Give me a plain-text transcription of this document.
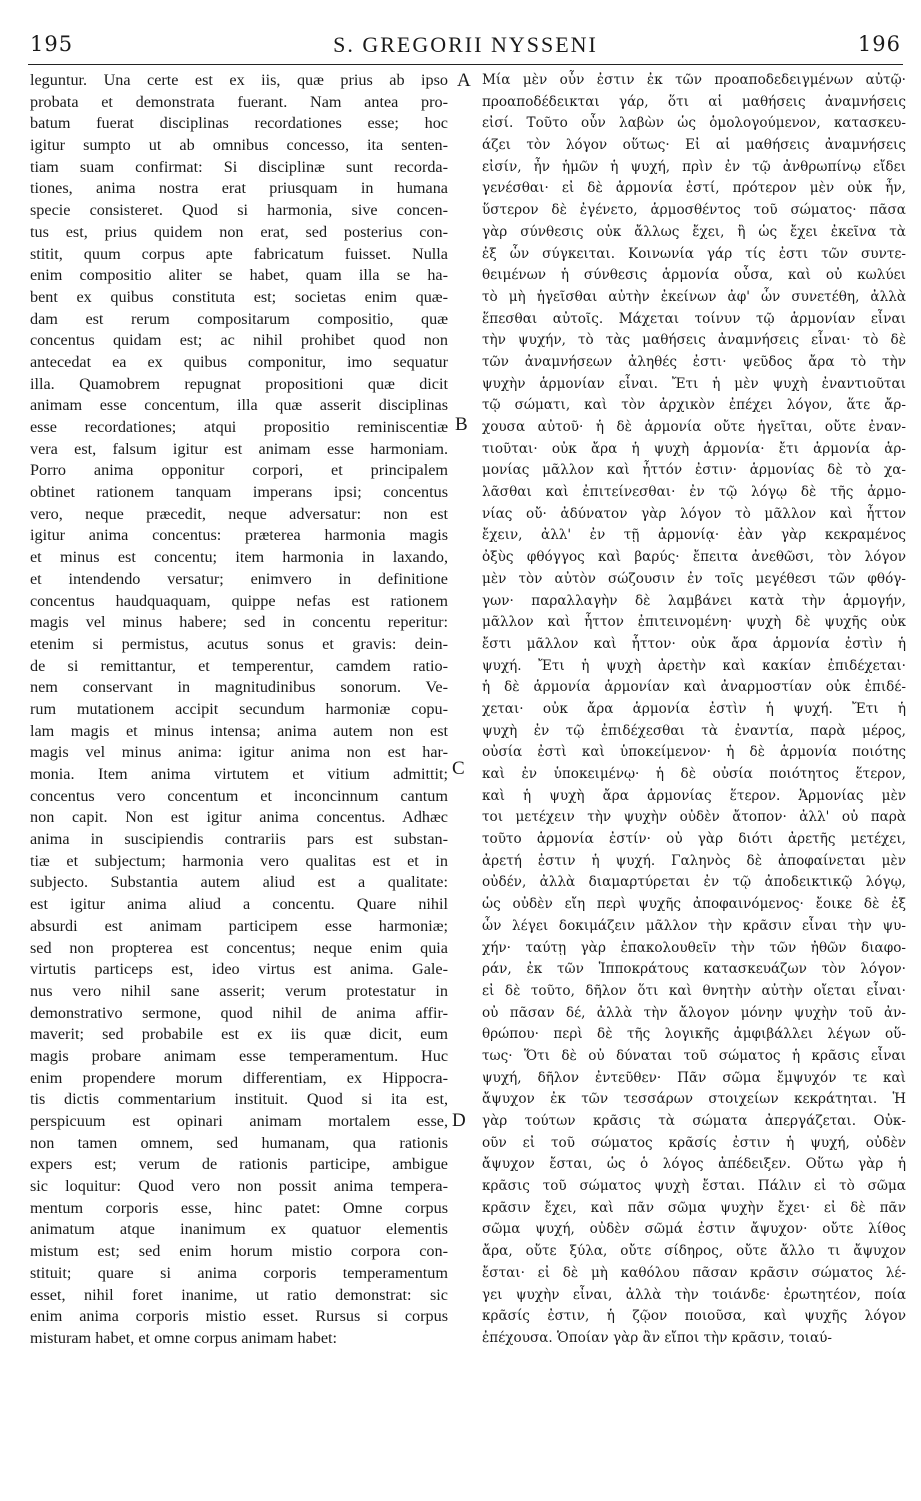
195	S. GREGORII NYSSENI	196
leguntur. Una certe est ex iis, quæ prius ab ipso
probata et demonstrata fuerant. Nam antea pro-
batum fuerat disciplinas recordationes esse; hoc
igitur sumpto ut ab omnibus concesso, ita senten-
tiam suam confirmat: Si disciplinæ sunt recorda-
tiones, anima nostra erat priusquam in humana
specie consisteret. Quod si harmonia, sive concen-
tus est, prius quidem non erat, sed posterius con-
stitit, quum corpus apte fabricatum fuisset. Nulla
enim compositio aliter se habet, quam illa se ha-
bent ex quibus constituta est; societas enim quæ-
dam est rerum compositarum compositio, quæ
concentus quidam est; ac nihil prohibet quod non
antecedat ea ex quibus componitur, imo sequatur
illa. Quamobrem repugnat propositioni quæ dicit
animam esse concentum, illa quæ asserit disciplinas
esse recordationes; atqui propositio reminiscentiæ
vera est, falsum igitur est animam esse harmoniam.
Porro anima opponitur corpori, et principalem
obtinet rationem tanquam imperans ipsi; concentus
vero, neque præcedit, neque adversatur: non est
igitur anima concentus: præterea harmonia magis
et minus est concentu; item harmonia in laxando,
et intendendo versatur; enimvero in definitione
concentus haudquaquam, quippe nefas est rationem
magis vel minus habere; sed in concentu reperitur:
etenim si permistus, acutus sonus et gravis: dein-
de si remittantur, et temperentur, camdem ratio-
nem conservant in magnitudinibus sonorum. Ve-
rum mutationem accipit secundum harmoniæ copu-
lam magis et minus intensa; anima autem non est
magis vel minus anima: igitur anima non est har-
monia. Item anima virtutem et vitium admittit;
concentus vero concentum et inconcinnum cantum
non capit. Non est igitur anima concentus. Adhæc
anima in suscipiendis contrariis pars est substan-
tiæ et subjectum; harmonia vero qualitas est et in
subjecto. Substantia autem aliud est a qualitate:
est igitur anima aliud a concentu. Quare nihil
absurdi est animam participem esse harmoniæ;
sed non propterea est concentus; neque enim quia
virtutis particeps est, ideo virtus est anima. Gale-
nus vero nihil sane asserit; verum protestatur in
demonstrativo sermone, quod nihil de anima affir-
maverit; sed probabile est ex iis quæ dicit, eum
magis probare animam esse temperamentum. Huc
enim propendere morum differentiam, ex Hippocra-
tis dictis commentarium instituit. Quod si ita est,
perspicuum est opinari animam mortalem esse,
non tamen omnem, sed humanam, qua rationis
expers est; verum de rationis participe, ambigue
sic loquitur: Quod vero non possit anima tempera-
mentum corporis esse, hinc patet: Omne corpus
animatum atque inanimum ex quatuor elementis
mistum est; sed enim horum mistio corpora con-
stituit; quare si anima corporis temperamentum
esset, nihil foret inanime, ut ratio demonstrat: sic
enim anima corporis mistio esset. Rursus si corpus
misturam habet, et omne corpus animam habet:
Μία μὲν οὖν ἐστιν ἐκ τῶν προαποδεδειγμένων αὐτῷ·
προαποδέδεικται γάρ, ὅτι αἱ μαθήσεις ἀναμνήσεις
εἰσί. Τοῦτο οὖν λαβὼν ὡς ὁμολογούμενον, κατασκευ-
άζει τὸν λόγον οὕτως· Εἰ αἱ μαθήσεις ἀναμνήσεις
εἰσίν, ἦν ἡμῶν ἡ ψυχή, πρὶν ἐν τῷ ἀνθρωπίνῳ εἴδει
γενέσθαι· εἰ δὲ ἁρμονία ἐστί, πρότερον μὲν οὐκ ἦν,
ὕστερον δὲ ἐγένετο, ἁρμοσθέντος τοῦ σώματος· πᾶσα
γὰρ σύνθεσις οὐκ ἄλλως ἔχει, ἢ ὡς ἔχει ἐκεῖνα τὰ
ἐξ ὧν σύγκειται. Κοινωνία γάρ τίς ἐστι τῶν συντε-
θειμένων ἡ σύνθεσις ἁρμονία οὖσα, καὶ οὐ κωλύει
τὸ μὴ ἡγεῖσθαι αὐτὴν ἐκείνων ἀφ' ὧν συνετέθη, ἀλλὰ
ἕπεσθαι αὐτοῖς. Μάχεται τοίνυν τῷ ἁρμονίαν εἶναι
τὴν ψυχήν, τὸ τὰς μαθήσεις ἀναμνήσεις εἶναι· τὸ δὲ
τῶν ἀναμνήσεων ἀληθές ἐστι· ψεῦδος ἄρα τὸ τὴν
ψυχὴν ἁρμονίαν εἶναι. Ἔτι ἡ μὲν ψυχὴ ἐναντιοῦται
τῷ σώματι, καὶ τὸν ἀρχικὸν ἐπέχει λόγον, ἅτε ἄρ-
χουσα αὐτοῦ· ἡ δὲ ἁρμονία οὔτε ἡγεῖται, οὔτε ἐναν-
τιοῦται· οὐκ ἄρα ἡ ψυχὴ ἁρμονία· ἔτι ἁρμονία ἁρ-
μονίας μᾶλλον καὶ ἧττόν ἐστιν· ἁρμονίας δὲ τὸ χα-
λᾶσθαι καὶ ἐπιτείνεσθαι· ἐν τῷ λόγῳ δὲ τῆς ἁρμο-
νίας οὔ· ἀδύνατον γὰρ λόγον τὸ μᾶλλον καὶ ἧττον
ἔχειν, ἀλλ' ἐν τῇ ἁρμονίᾳ· ἐὰν γὰρ κεκραμένος
ὀξὺς φθόγγος καὶ βαρύς· ἔπειτα ἀνεθῶσι, τὸν λόγον
μὲν τὸν αὐτὸν σώζουσιν ἐν τοῖς μεγέθεσι τῶν φθόγ-
γων· παραλλαγὴν δὲ λαμβάνει κατὰ τὴν ἁρμογήν,
μᾶλλον καὶ ἧττον ἐπιτεινομένη· ψυχὴ δὲ ψυχῆς οὐκ
ἔστι μᾶλλον καὶ ἧττον· οὐκ ἄρα ἁρμονία ἐστὶν ἡ
ψυχή. Ἔτι ἡ ψυχὴ ἀρετὴν καὶ κακίαν ἐπιδέχεται·
ἡ δὲ ἁρμονία ἁρμονίαν καὶ ἀναρμοστίαν οὐκ ἐπιδέ-
χεται· οὐκ ἄρα ἁρμονία ἐστὶν ἡ ψυχή. Ἔτι ἡ
ψυχὴ ἐν τῷ ἐπιδέχεσθαι τὰ ἐναντία, παρὰ μέρος,
οὐσία ἐστὶ καὶ ὑποκείμενον· ἡ δὲ ἁρμονία ποιότης
καὶ ἐν ὑποκειμένῳ· ἡ δὲ οὐσία ποιότητος ἕτερον,
καὶ ἡ ψυχὴ ἄρα ἁρμονίας ἕτερον. Ἁρμονίας μὲν
τοι μετέχειν τὴν ψυχὴν οὐδὲν ἄτοπον· ἀλλ' οὐ παρὰ
τοῦτο ἁρμονία ἐστίν· οὐ γὰρ διότι ἀρετῆς μετέχει,
ἀρετή ἐστιν ἡ ψυχή. Γαληνὸς δὲ ἀποφαίνεται μὲν
οὐδέν, ἀλλὰ διαμαρτύρεται ἐν τῷ ἀποδεικτικῷ λόγῳ,
ὡς οὐδὲν εἴη περὶ ψυχῆς ἀποφαινόμενος· ἔοικε δὲ ἐξ
ὧν λέγει δοκιμάζειν μᾶλλον τὴν κρᾶσιν εἶναι τὴν ψυ-
χήν· ταύτῃ γὰρ ἐπακολουθεῖν τὴν τῶν ἠθῶν διαφο-
ράν, ἐκ τῶν Ἱπποκράτους κατασκευάζων τὸν λόγον·
εἰ δὲ τοῦτο, δῆλον ὅτι καὶ θνητὴν αὐτὴν οἴεται εἶναι·
οὐ πᾶσαν δέ, ἀλλὰ τὴν ἄλογον μόνην ψυχὴν τοῦ ἀν-
θρώπου· περὶ δὲ τῆς λογικῆς ἀμφιβάλλει λέγων οὕ-
τως· Ὅτι δὲ οὐ δύναται τοῦ σώματος ἡ κρᾶσις εἶναι
ψυχή, δῆλον ἐντεῦθεν· Πᾶν σῶμα ἔμψυχόν τε καὶ
ἄψυχον ἐκ τῶν τεσσάρων στοιχείων κεκράτηται. Ἡ
γὰρ τούτων κρᾶσις τὰ σώματα ἀπεργάζεται. Οὐκ-
οῦν εἰ τοῦ σώματος κρᾶσίς ἐστιν ἡ ψυχή, οὐδὲν
ἄψυχον ἔσται, ὡς ὁ λόγος ἀπέδειξεν. Οὕτω γὰρ ἡ
κρᾶσις τοῦ σώματος ψυχὴ ἔσται. Πάλιν εἰ τὸ σῶμα
κρᾶσιν ἔχει, καὶ πᾶν σῶμα ψυχὴν ἔχει· εἰ δὲ πᾶν
σῶμα ψυχή, οὐδὲν σῶμά ἐστιν ἄψυχον· οὔτε λίθος
ἄρα, οὔτε ξύλα, οὔτε σίδηρος, οὔτε ἄλλο τι ἄψυχον
ἔσται· εἰ δὲ μὴ καθόλου πᾶσαν κρᾶσιν σώματος λέ-
γει ψυχὴν εἶναι, ἀλλὰ τὴν τοιάνδε· ἐρωτητέον, ποία
κρᾶσίς ἐστιν, ἡ ζῷον ποιοῦσα, καὶ ψυχῆς λόγον
ἐπέχουσα. Ὁποίαν γὰρ ἂν εἴποι τὴν κρᾶσιν, τοιαύ-
A
B
C
D
